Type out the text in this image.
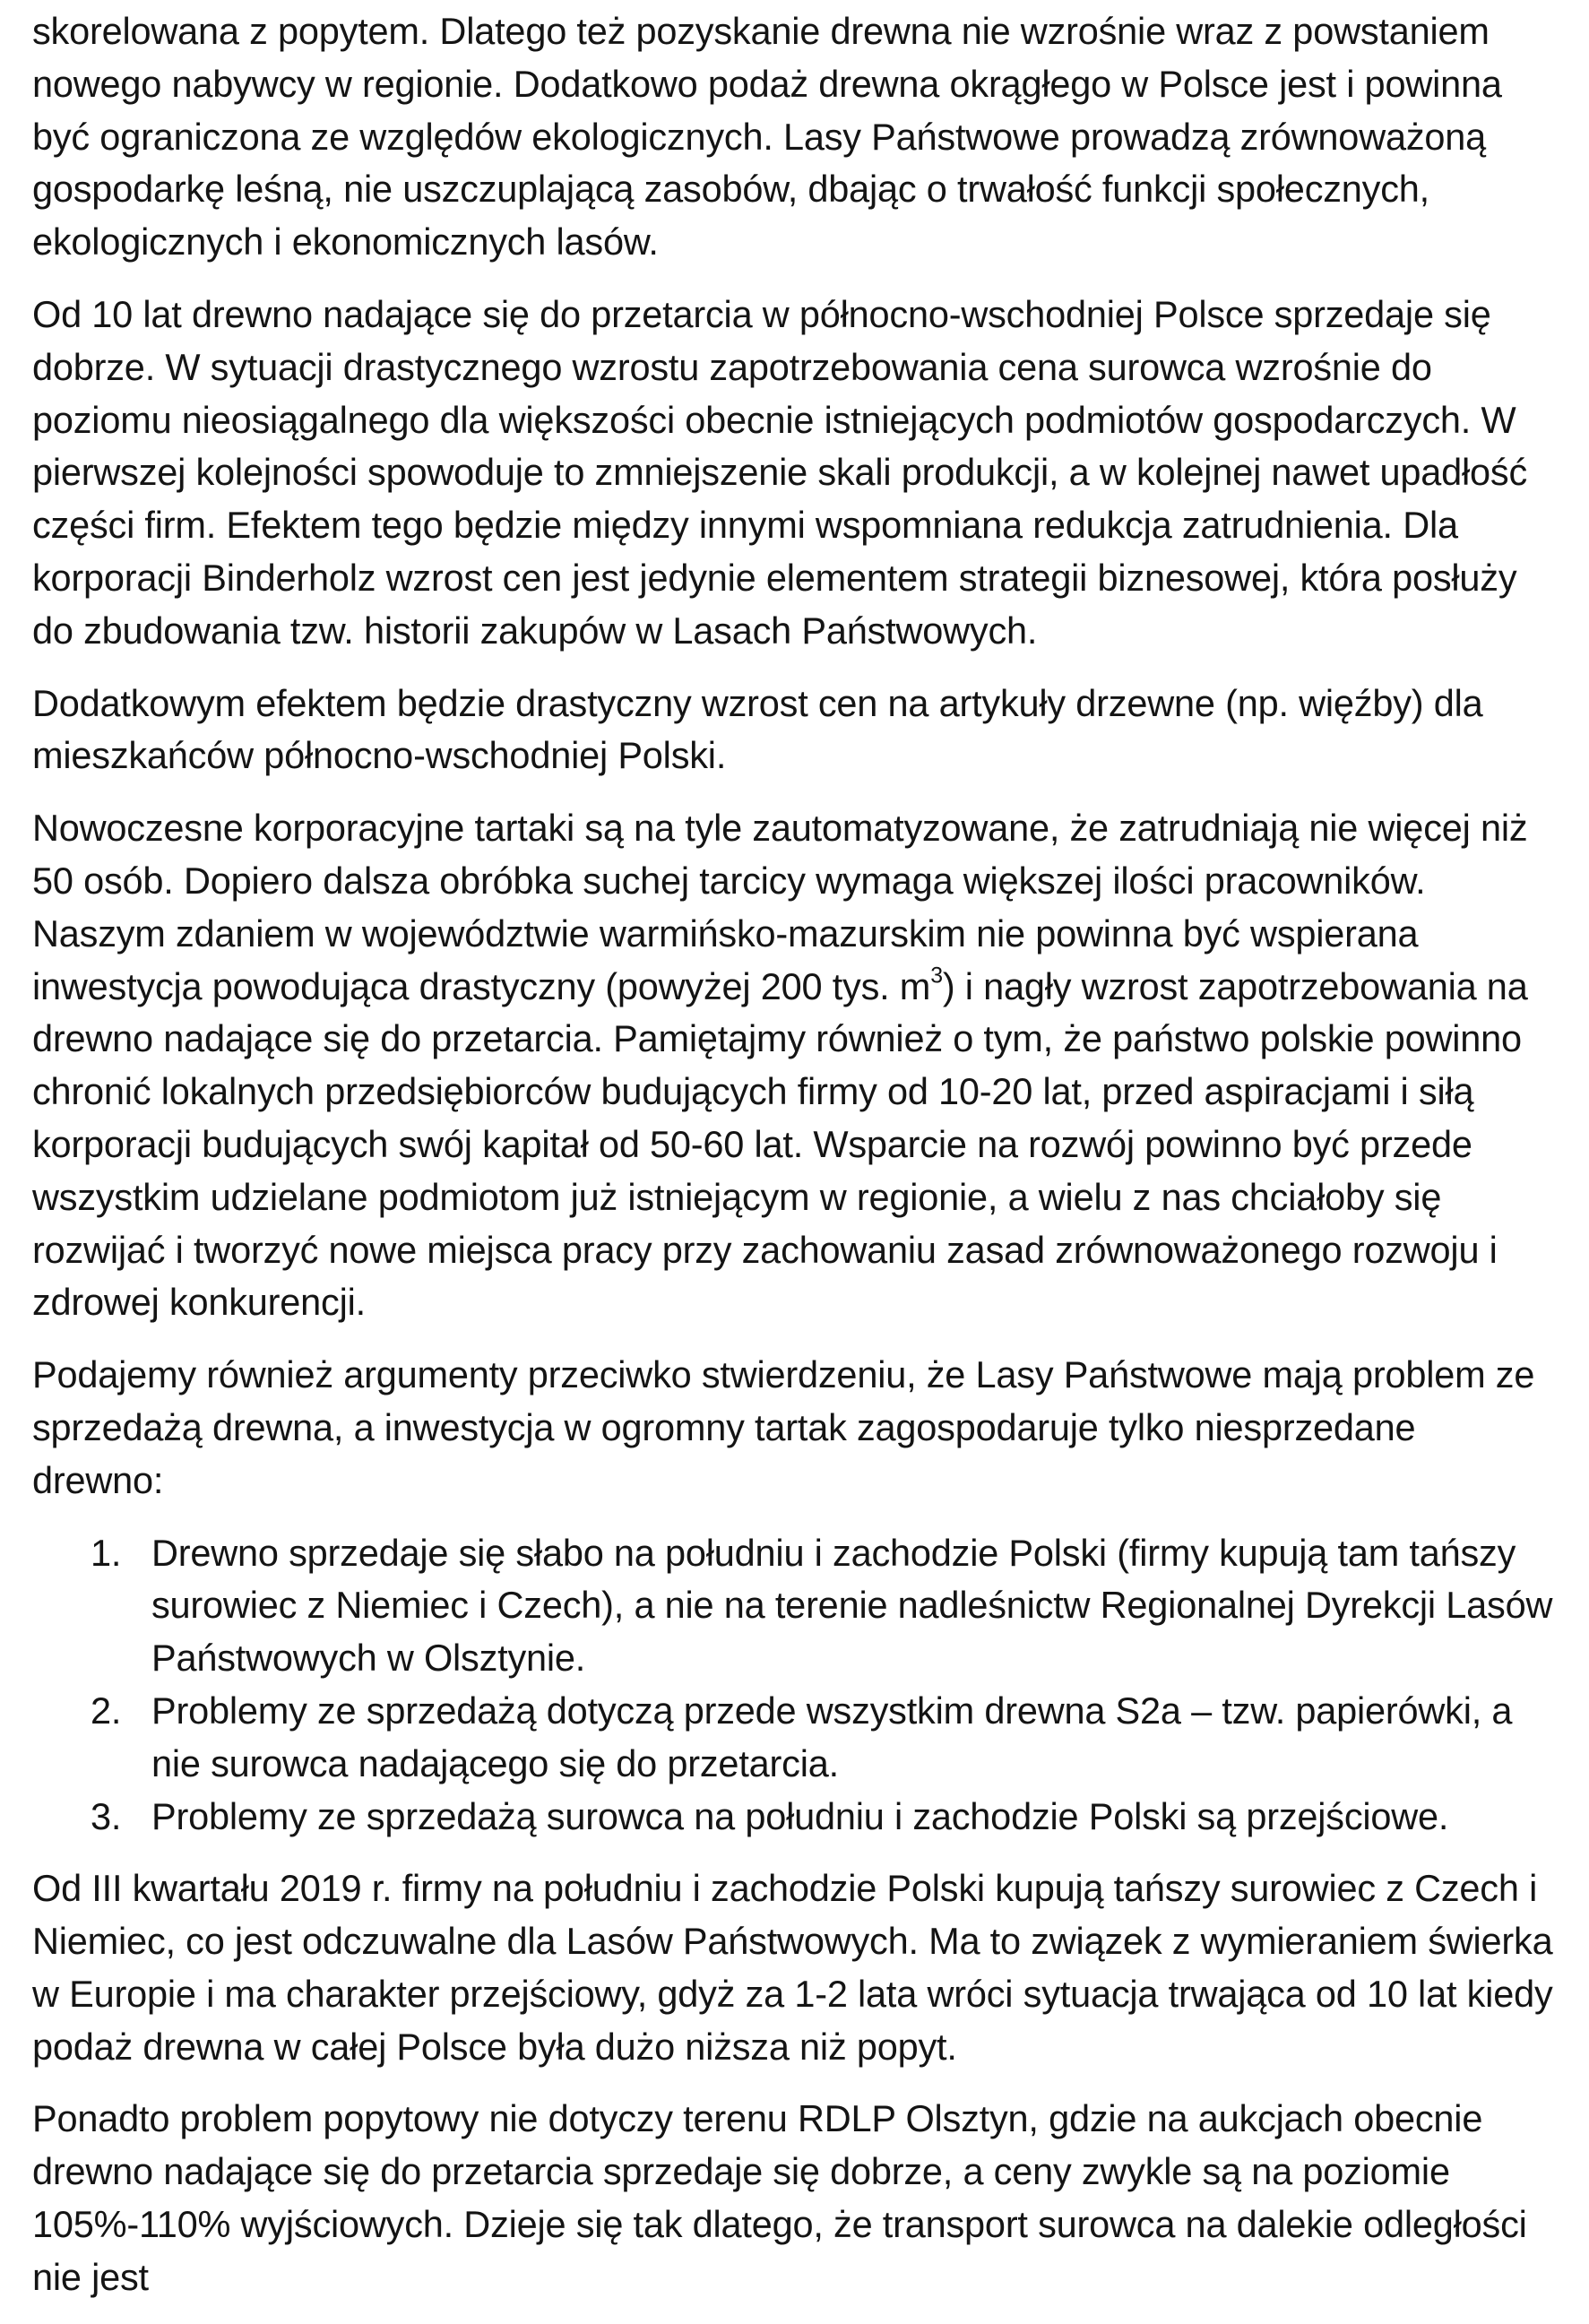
skorelowana z popytem. Dlatego też pozyskanie drewna nie wzrośnie wraz z powstaniem nowego nabywcy w regionie. Dodatkowo podaż drewna okrągłego w Polsce jest i powinna być ograniczona ze względów ekologicznych. Lasy Państwowe prowadzą zrównoważoną gospodarkę leśną, nie uszczuplającą zasobów, dbając o trwałość funkcji społecznych, ekologicznych i ekonomicznych lasów.

Od 10 lat drewno nadające się do przetarcia w północno-wschodniej Polsce sprzedaje się dobrze. W sytuacji drastycznego wzrostu zapotrzebowania cena surowca wzrośnie do poziomu nieosiągalnego dla większości obecnie istniejących podmiotów gospodarczych. W pierwszej kolejności spowoduje to zmniejszenie skali produkcji, a w kolejnej nawet upadłość części firm. Efektem tego będzie między innymi wspomniana redukcja zatrudnienia. Dla korporacji Binderholz wzrost cen jest jedynie elementem strategii biznesowej, która posłuży do zbudowania tzw. historii zakupów w Lasach Państwowych.

Dodatkowym efektem będzie drastyczny wzrost cen na artykuły drzewne (np. więźby) dla mieszkańców północno-wschodniej Polski.

Nowoczesne korporacyjne tartaki są na tyle zautomatyzowane, że zatrudniają nie więcej niż 50 osób. Dopiero dalsza obróbka suchej tarcicy wymaga większej ilości pracowników. Naszym zdaniem w województwie warmińsko-mazurskim nie powinna być wspierana inwestycja powodująca drastyczny (powyżej 200 tys. $m^3$) i nagły wzrost zapotrzebowania na drewno nadające się do przetarcia. Pamiętajmy również o tym, że państwo polskie powinno chronić lokalnych przedsiębiorców budujących firmy od 10-20 lat, przed aspiracjami i siłą korporacji budujących swój kapitał od 50-60 lat. Wsparcie na rozwój powinno być przede wszystkim udzielane podmiotom już istniejącym w regionie, a wielu z nas chciałoby się rozwijać i tworzyć nowe miejsca pracy przy zachowaniu zasad zrównoważonego rozwoju i zdrowej konkurencji.

Podajemy również argumenty przeciwko stwierdzeniu, że Lasy Państwowe mają problem ze sprzedażą drewna, a inwestycja w ogromny tartak zagospodaruje tylko niesprzedane drewno:

1. Drewno sprzedaje się słabo na południu i zachodzie Polski (firmy kupują tam tańszy surowiec z Niemiec i Czech), a nie na terenie nadleśnictw Regionalnej Dyrekcji Lasów Państwowych w Olsztynie.
2. Problemy ze sprzedażą dotyczą przede wszystkim drewna S2a – tzw. papierówki, a nie surowca nadającego się do przetarcia.
3. Problemy ze sprzedażą surowca na południu i zachodzie Polski są przejściowe.

Od III kwartału 2019 r. firmy na południu i zachodzie Polski kupują tańszy surowiec z Czech i Niemiec, co jest odczuwalne dla Lasów Państwowych. Ma to związek z wymieraniem świerka w Europie i ma charakter przejściowy, gdyż za 1-2 lata wróci sytuacja trwająca od 10 lat kiedy podaż drewna w całej Polsce była dużo niższa niż popyt.

Ponadto problem popytowy nie dotyczy terenu RDLP Olsztyn, gdzie na aukcjach obecnie drewno nadające się do przetarcia sprzedaje się dobrze, a ceny zwykle są na poziomie 105%-110% wyjściowych. Dzieje się tak dlatego, że transport surowca na dalekie odległości nie jest
